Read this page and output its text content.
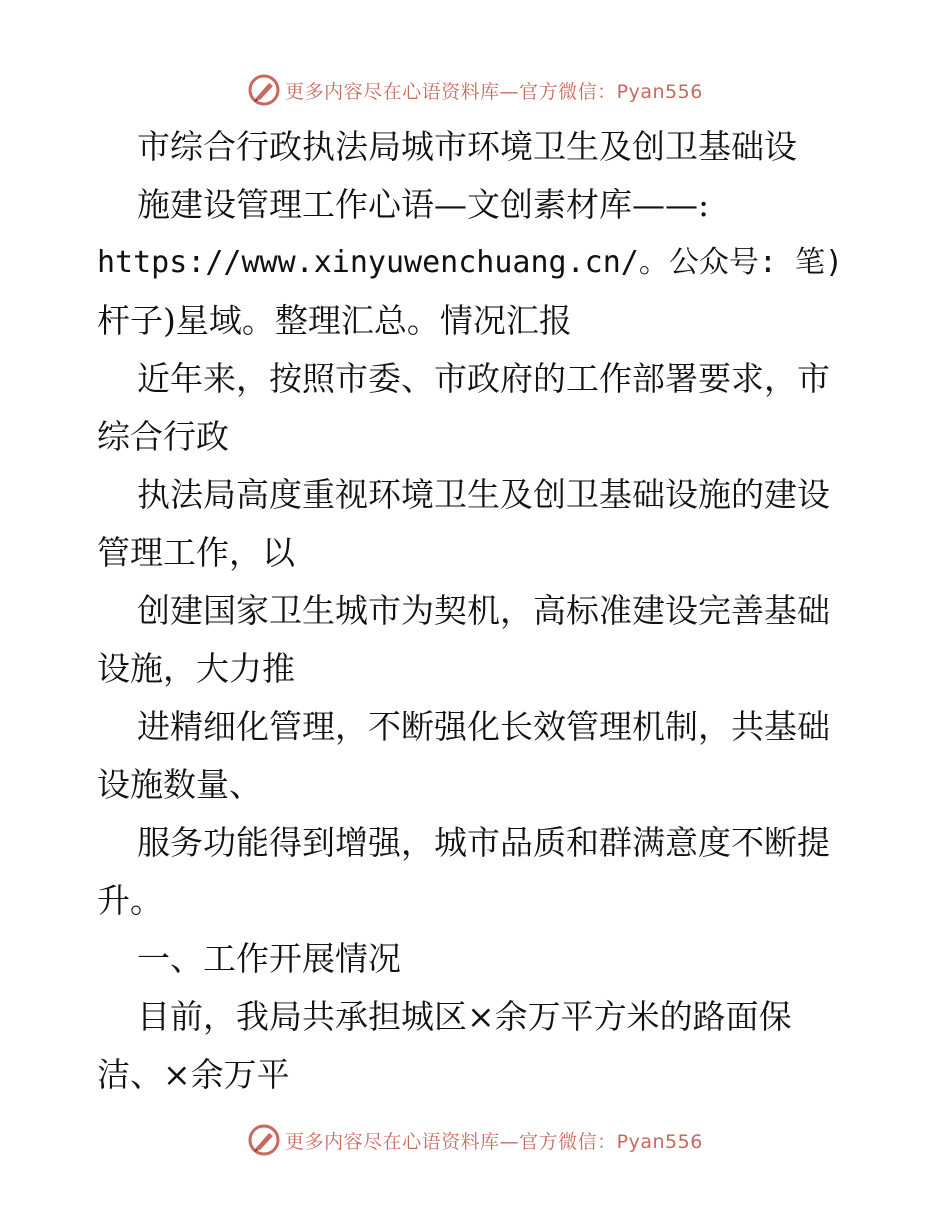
更多内容尽在心语资料库—官方微信：Pyan556
市综合行政执法局城市环境卫生及创卫基础设
施建设管理工作心语—文创素材库——:
https://www.xinyuwenchuang.cn/。公众号: 笔)
杆子)星域。整理汇总。情况汇报
近年来，按照市委、市政府的工作部署要求，市
综合行政
执法局高度重视环境卫生及创卫基础设施的建设
管理工作，以
创建国家卫生城市为契机，高标准建设完善基础
设施，大力推
进精细化管理，不断强化长效管理机制，共基础
设施数量、
服务功能得到增强，城市品质和群满意度不断提
升。
一、工作开展情况
目前，我局共承担城区×余万平方米的路面保
洁、×余万平
更多内容尽在心语资料库—官方微信：Pyan556
